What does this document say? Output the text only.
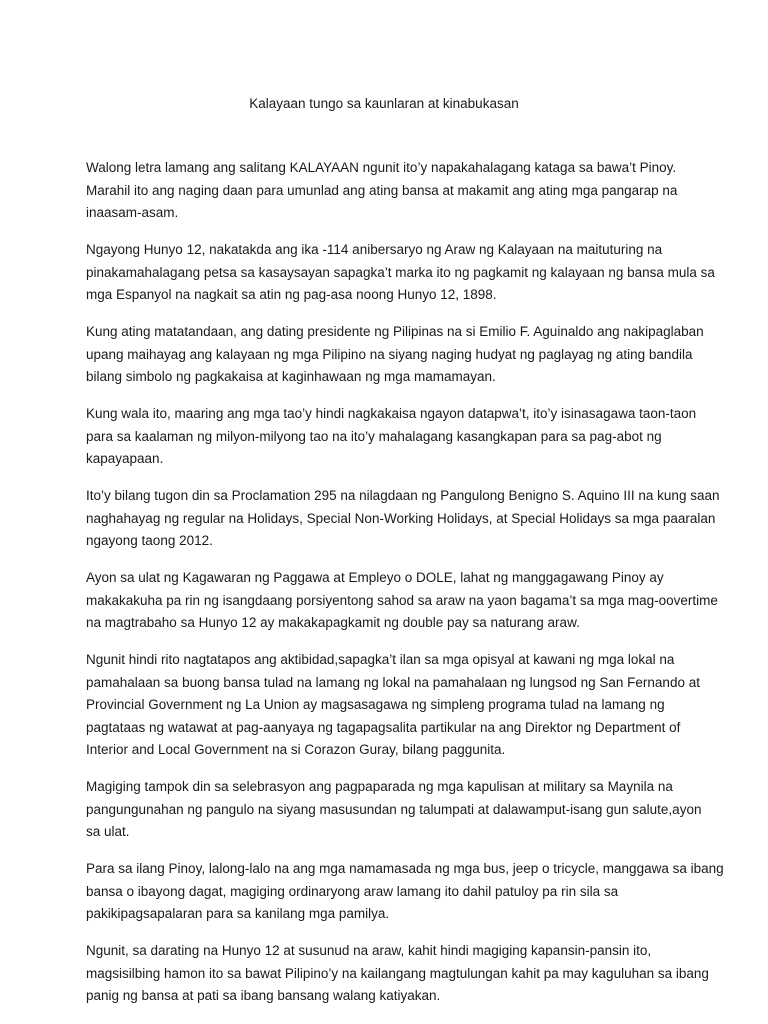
Kalayaan tungo sa kaunlaran at kinabukasan

Walong letra lamang ang salitang KALAYAAN ngunit ito’y napakahalagang kataga sa bawa’t Pinoy.
Marahil ito ang naging daan para umunlad ang ating bansa at makamit ang ating mga pangarap na
inaasam-asam.

Ngayong Hunyo 12, nakatakda ang ika -114 anibersaryo ng Araw ng Kalayaan na maituturing na
pinakamahalagang petsa sa kasaysayan sapagka’t marka ito ng pagkamit ng kalayaan ng bansa mula sa
mga Espanyol na nagkait sa atin ng pag-asa noong Hunyo 12, 1898.

Kung ating matatandaan, ang dating presidente ng Pilipinas na si Emilio F. Aguinaldo ang nakipaglaban
upang maihayag ang kalayaan ng mga Pilipino na siyang naging hudyat ng paglayag ng ating bandila
bilang simbolo ng pagkakaisa at kaginhawaan ng mga mamamayan.

Kung wala ito, maaring ang mga tao’y hindi nagkakaisa ngayon datapwa’t, ito’y isinasagawa taon-taon
para sa kaalaman ng milyon-milyong tao na ito’y mahalagang kasangkapan para sa pag-abot ng
kapayapaan.

Ito’y bilang tugon din sa Proclamation 295 na nilagdaan ng Pangulong Benigno S. Aquino III na kung saan
naghahayag ng regular na Holidays, Special Non-Working Holidays, at Special Holidays sa mga paaralan
ngayong taong 2012.

Ayon sa ulat ng Kagawaran ng Paggawa at Empleyo o DOLE, lahat ng manggagawang Pinoy ay
makakakuha pa rin ng isangdaang porsiyentong sahod sa araw na yaon bagama’t sa mga mag-oovertime
na magtrabaho sa Hunyo 12 ay makakapagkamit ng double pay sa naturang araw.

Ngunit hindi rito nagtatapos ang aktibidad,sapagka’t ilan sa mga opisyal at kawani ng mga lokal na
pamahalaan sa buong bansa tulad na lamang ng lokal na pamahalaan ng lungsod ng San Fernando at
Provincial Government ng La Union ay magsasagawa ng simpleng programa tulad na lamang ng
pagtataas ng watawat at pag-aanyaya ng tagapagsalita partikular na ang Direktor ng Department of
Interior and Local Government na si Corazon Guray, bilang paggunita.

Magiging tampok din sa selebrasyon ang pagpaparada ng mga kapulisan at military sa Maynila na
pangungunahan ng pangulo na siyang masusundan ng talumpati at dalawamput-isang gun salute,ayon
sa ulat.

Para sa ilang Pinoy, lalong-lalo na ang mga namamasada ng mga bus, jeep o tricycle, manggawa sa ibang
bansa o ibayong dagat, magiging ordinaryong araw lamang ito dahil patuloy pa rin sila sa
pakikipagsapalaran para sa kanilang mga pamilya.

Ngunit, sa darating na Hunyo 12 at susunud na araw, kahit hindi magiging kapansin-pansin ito,
magsisilbing hamon ito sa bawat Pilipino’y na kailangang magtulungan kahit pa may kaguluhan sa ibang
panig ng bansa at pati sa ibang bansang walang katiyakan.
